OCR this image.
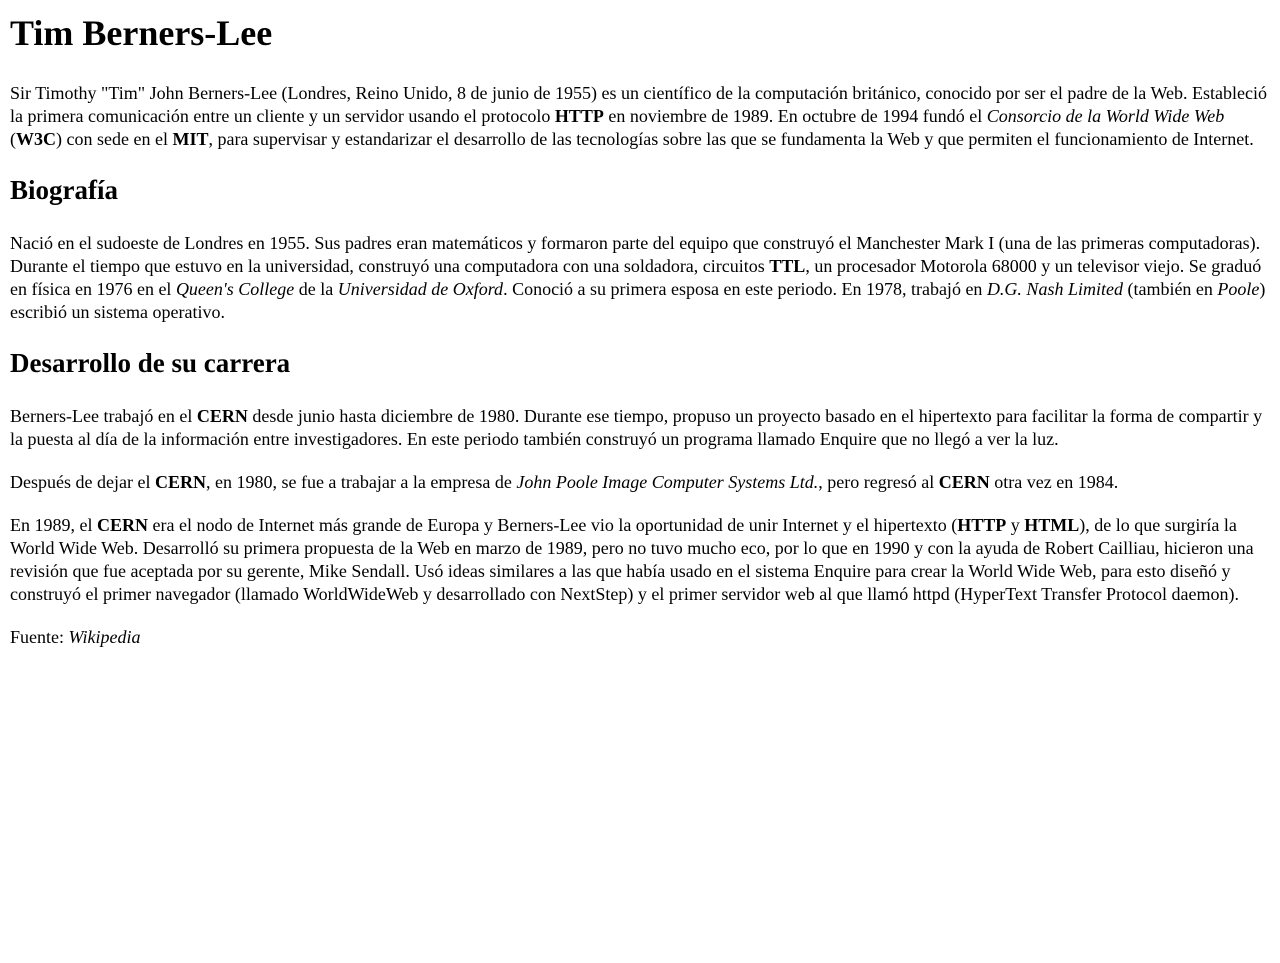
Tim Berners-Lee

Sir Timothy "Tim" John Berners-Lee (Londres, Reino Unido, 8 de junio de 1955) es un científico de la computación británico, conocido por ser el padre de la Web. Estableció la primera comunicación entre un cliente y un servidor usando el protocolo HTTP en noviembre de 1989. En octubre de 1994 fundó el Consorcio de la World Wide Web (W3C) con sede en el MIT, para supervisar y estandarizar el desarrollo de las tecnologías sobre las que se fundamenta la Web y que permiten el funcionamiento de Internet.

Biografía

Nació en el sudoeste de Londres en 1955. Sus padres eran matemáticos y formaron parte del equipo que construyó el Manchester Mark I (una de las primeras computadoras). Durante el tiempo que estuvo en la universidad, construyó una computadora con una soldadora, circuitos TTL, un procesador Motorola 68000 y un televisor viejo. Se graduó en física en 1976 en el Queen's College de la Universidad de Oxford. Conoció a su primera esposa en este periodo. En 1978, trabajó en D.G. Nash Limited (también en Poole) escribió un sistema operativo.

Desarrollo de su carrera

Berners-Lee trabajó en el CERN desde junio hasta diciembre de 1980. Durante ese tiempo, propuso un proyecto basado en el hipertexto para facilitar la forma de compartir y la puesta al día de la información entre investigadores. En este periodo también construyó un programa llamado Enquire que no llegó a ver la luz.

Después de dejar el CERN, en 1980, se fue a trabajar a la empresa de John Poole Image Computer Systems Ltd., pero regresó al CERN otra vez en 1984.

En 1989, el CERN era el nodo de Internet más grande de Europa y Berners-Lee vio la oportunidad de unir Internet y el hipertexto (HTTP y HTML), de lo que surgiría la World Wide Web. Desarrolló su primera propuesta de la Web en marzo de 1989, pero no tuvo mucho eco, por lo que en 1990 y con la ayuda de Robert Cailliau, hicieron una revisión que fue aceptada por su gerente, Mike Sendall. Usó ideas similares a las que había usado en el sistema Enquire para crear la World Wide Web, para esto diseñó y construyó el primer navegador (llamado WorldWideWeb y desarrollado con NextStep) y el primer servidor web al que llamó httpd (HyperText Transfer Protocol daemon).

Fuente: Wikipedia
